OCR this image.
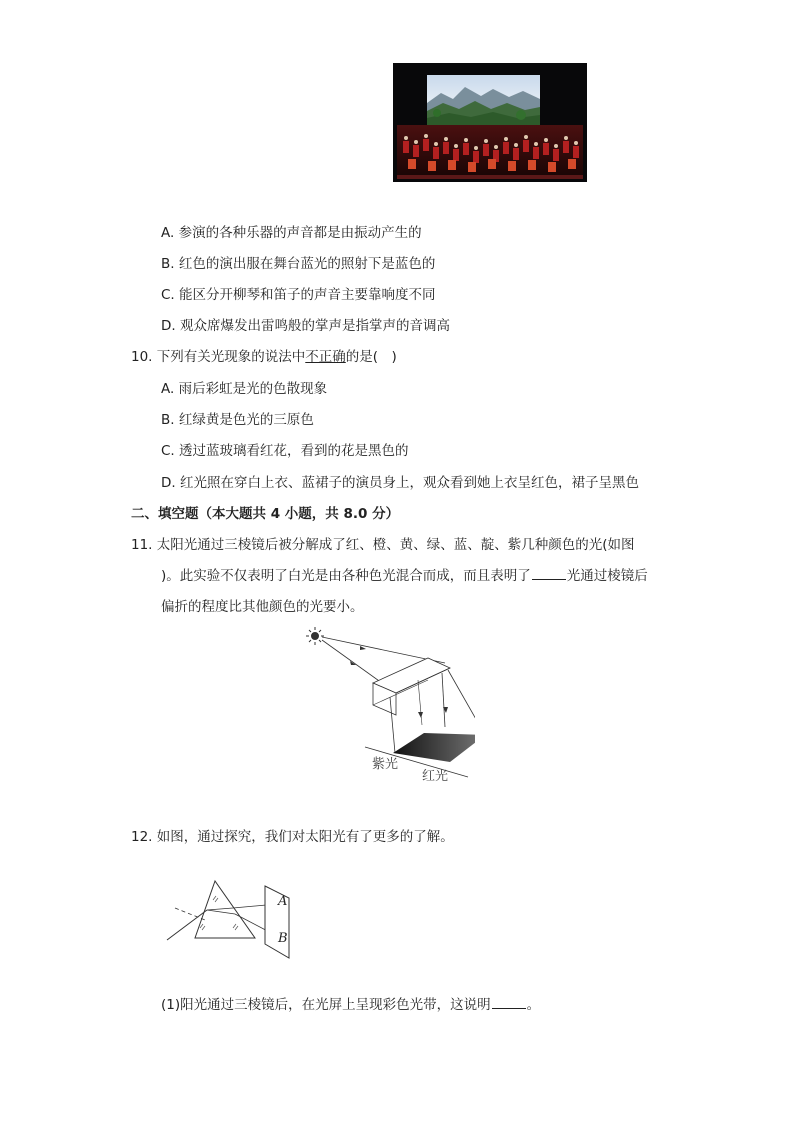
A. 参演的各种乐器的声音都是由振动产生的
B. 红色的演出服在舞台蓝光的照射下是蓝色的
C. 能区分开柳琴和笛子的声音主要靠响度不同
D. 观众席爆发出雷鸣般的掌声是指掌声的音调高
10. 下列有关光现象的说法中不正确的是(　)
A. 雨后彩虹是光的色散现象
B. 红绿黄是色光的三原色
C. 透过蓝玻璃看红花，看到的花是黑色的
D. 红光照在穿白上衣、蓝裙子的演员身上，观众看到她上衣呈红色，裙子呈黑色
二、填空题（本大题共 4 小题，共 8.0 分）
11. 太阳光通过三棱镜后被分解成了红、橙、黄、绿、蓝、靛、紫几种颜色的光(如图
)。此实验不仅表明了白光是由各种色光混合而成，而且表明了	光通过棱镜后
偏折的程度比其他颜色的光要小。
紫光
红光
12. 如图，通过探究，我们对太阳光有了更多的了解。
A
B
(1)阳光通过三棱镜后，在光屏上呈现彩色光带，这说明	。
